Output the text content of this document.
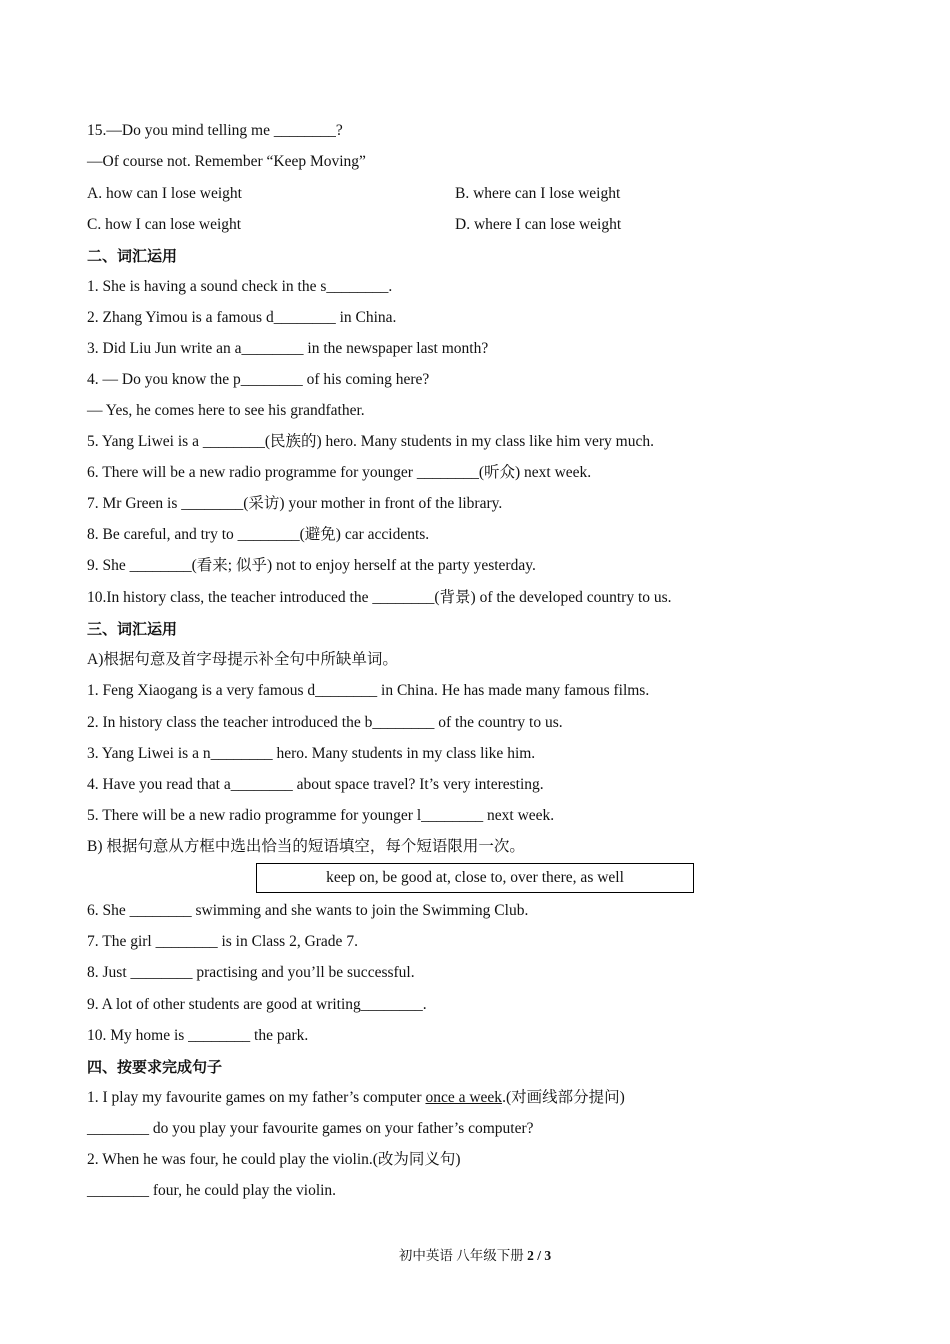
15.—Do you mind telling me ________?
—Of course not. Remember “Keep Moving”
A. how can I lose weight	B. where can I lose weight
C. how I can lose weight	D. where I can lose weight
二、词汇运用
1. She is having a sound check in the s________.
2. Zhang Yimou is a famous d________ in China.
3. Did Liu Jun write an a________ in the newspaper last month?
4. — Do you know the p________ of his coming here?
— Yes, he comes here to see his grandfather.
5. Yang Liwei is a ________(民族的) hero. Many students in my class like him very much.
6. There will be a new radio programme for younger ________(听众) next week.
7. Mr Green is ________(采访) your mother in front of the library.
8. Be careful, and try to ________(避免) car accidents.
9. She ________(看来; 似乎) not to enjoy herself at the party yesterday.
10.In history class, the teacher introduced the ________(背景) of the developed country to us.
三、词汇运用
A)根据句意及首字母提示补全句中所缺单词。
1. Feng Xiaogang is a very famous d________ in China. He has made many famous films.
2. In history class the teacher introduced the b________ of the country to us.
3. Yang Liwei is a n________ hero. Many students in my class like him.
4. Have you read that a________ about space travel? It’s very interesting.
5. There will be a new radio programme for younger l________ next week.
B) 根据句意从方框中选出恰当的短语填空，每个短语限用一次。
keep on, be good at, close to, over there, as well
6. She ________ swimming and she wants to join the Swimming Club.
7. The girl ________ is in Class 2, Grade 7.
8. Just ________ practising and you’ll be successful.
9. A lot of other students are good at writing________.
10. My home is ________ the park.
四、按要求完成句子
1. I play my favourite games on my father’s computer once a week.(对画线部分提问)
________ do you play your favourite games on your father’s computer?
2. When he was four, he could play the violin.(改为同义句)
________ four, he could play the violin.
初中英语 八年级下册 2 / 3
